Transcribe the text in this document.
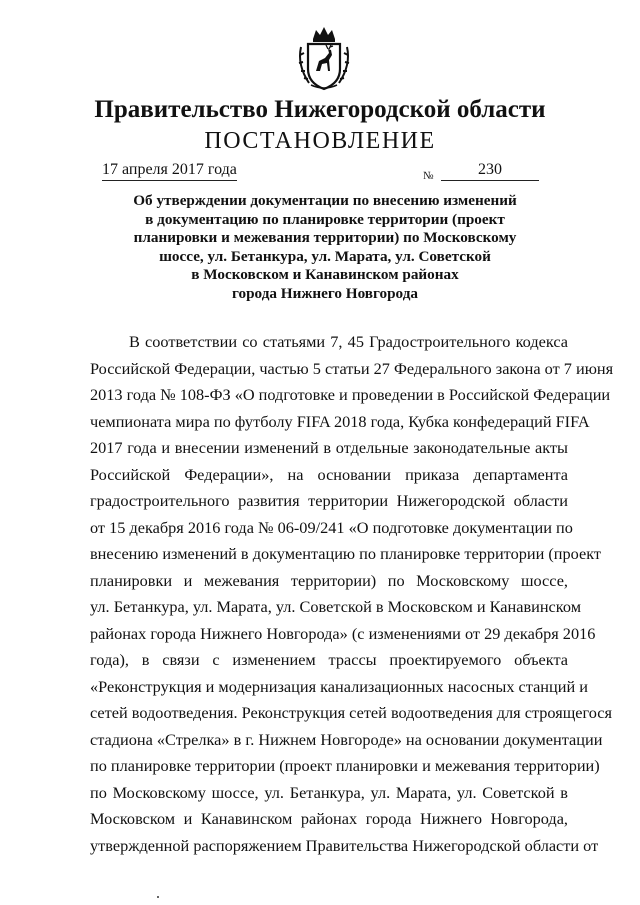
Правительство Нижегородской области
ПОСТАНОВЛЕНИЕ
17 апреля 2017 года	№	230
Об утверждении документации по внесению изменений
в документацию по планировке территории (проект
планировки и межевания территории) по Московскому
шоссе, ул. Бетанкура, ул. Марата, ул. Советской
в Московском и Канавинском районах
города Нижнего Новгорода
В соответствии со статьями 7, 45 Градостроительного кодекса
Российской Федерации, частью 5 статьи 27 Федерального закона от 7 июня
2013 года № 108-ФЗ «О подготовке и проведении в Российской Федерации
чемпионата мира по футболу FIFA 2018 года, Кубка конфедераций FIFA
2017 года и внесении изменений в отдельные законодательные акты
Российской Федерации», на основании приказа департамента
градостроительного развития территории Нижегородской области
от 15 декабря 2016 года № 06-09/241 «О подготовке документации по
внесению изменений в документацию по планировке территории (проект
планировки и межевания территории) по Московскому шоссе,
ул. Бетанкура, ул. Марата, ул. Советской в Московском и Канавинском
районах города Нижнего Новгорода» (с изменениями от 29 декабря 2016
года), в связи с изменением трассы проектируемого объекта
«Реконструкция и модернизация канализационных насосных станций и
сетей водоотведения. Реконструкция сетей водоотведения для строящегося
стадиона «Стрелка» в г. Нижнем Новгороде» на основании документации
по планировке территории (проект планировки и межевания территории)
по Московскому шоссе, ул. Бетанкура, ул. Марата, ул. Советской в
Московском и Канавинском районах города Нижнего Новгорода,
утвержденной распоряжением Правительства Нижегородской области от
